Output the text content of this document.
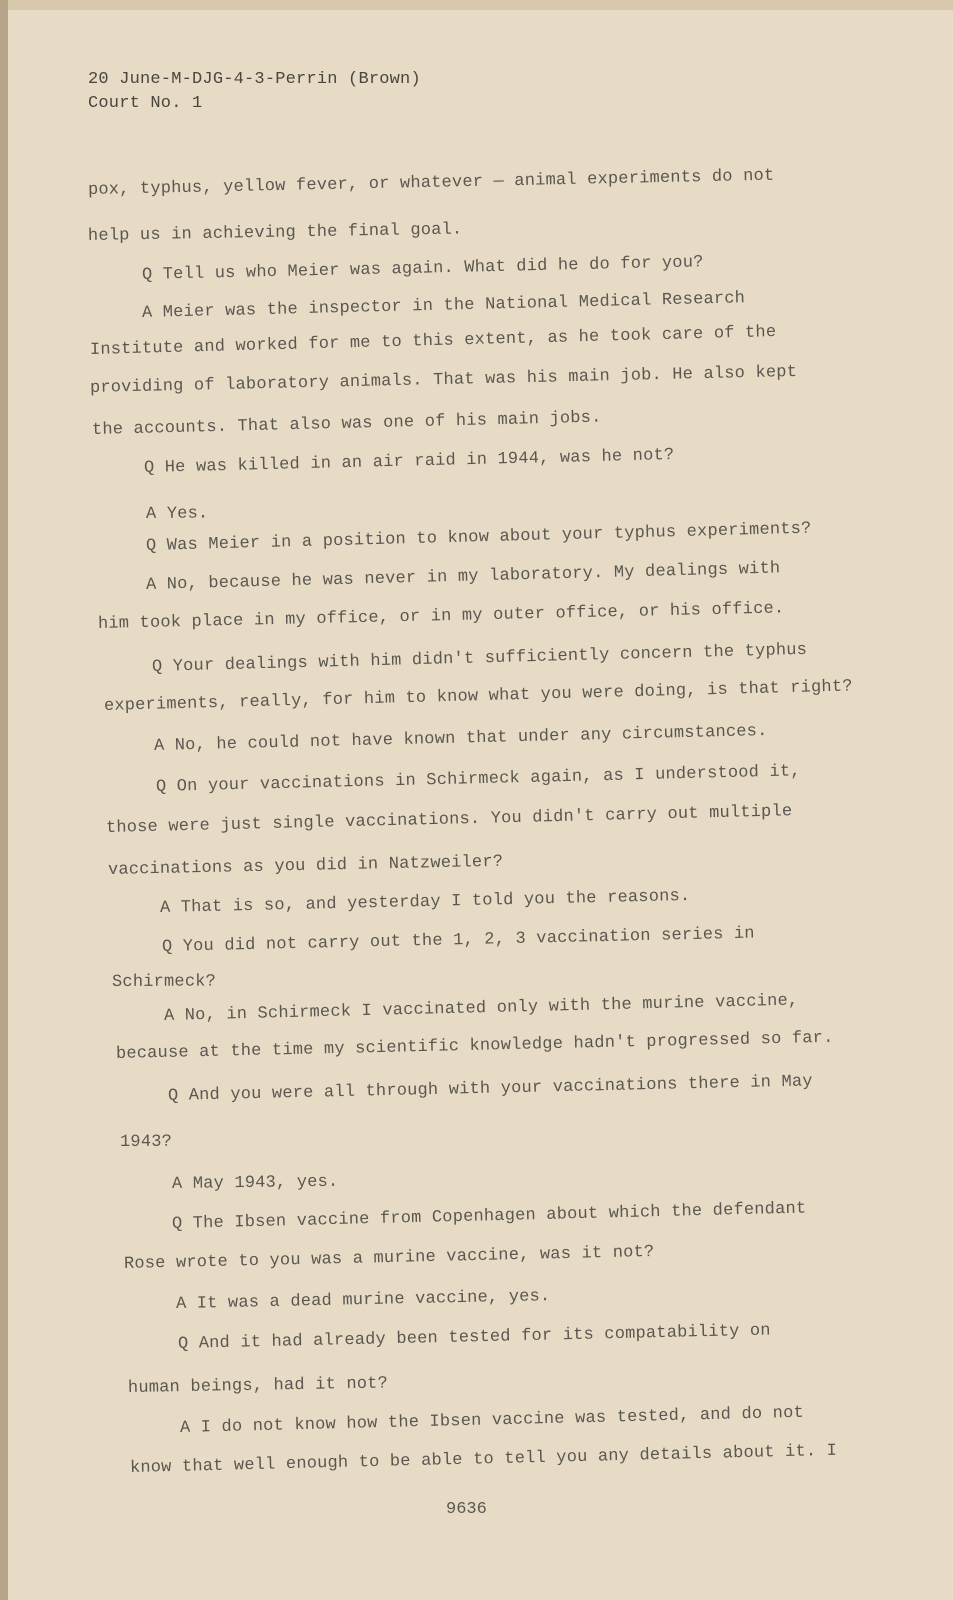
20 June-M-DJG-4-3-Perrin (Brown)
Court No. 1
pox, typhus, yellow fever, or whatever — animal experiments do not
help us in achieving the final goal.
Q Tell us who Meier was again. What did he do for you?
A Meier was the inspector in the National Medical Research
Institute and worked for me to this extent, as he took care of the
providing of laboratory animals. That was his main job. He also kept
the accounts. That also was one of his main jobs.
Q He was killed in an air raid in 1944, was he not?
A Yes.
Q Was Meier in a position to know about your typhus experiments?
A No, because he was never in my laboratory. My dealings with
him took place in my office, or in my outer office, or his office.
Q Your dealings with him didn't sufficiently concern the typhus
experiments, really, for him to know what you were doing, is that right?
A No, he could not have known that under any circumstances.
Q On your vaccinations in Schirmeck again, as I understood it,
those were just single vaccinations. You didn't carry out multiple
vaccinations as you did in Natzweiler?
A That is so, and yesterday I told you the reasons.
Q You did not carry out the 1, 2, 3 vaccination series in
Schirmeck?
A No, in Schirmeck I vaccinated only with the murine vaccine,
because at the time my scientific knowledge hadn't progressed so far.
Q And you were all through with your vaccinations there in May
1943?
A May 1943, yes.
Q The Ibsen vaccine from Copenhagen about which the defendant
Rose wrote to you was a murine vaccine, was it not?
A It was a dead murine vaccine, yes.
Q And it had already been tested for its compatability on
human beings, had it not?
A I do not know how the Ibsen vaccine was tested, and do not
know that well enough to be able to tell you any details about it. I
9636
